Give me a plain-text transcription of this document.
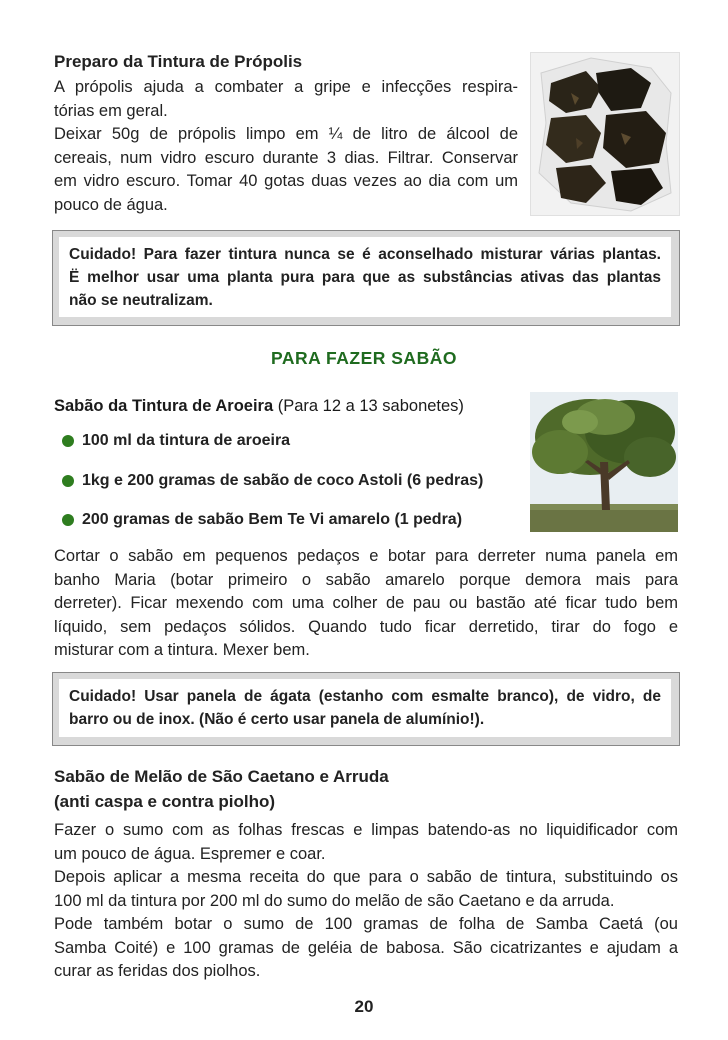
Preparo da Tintura de Própolis
A própolis ajuda a combater a gripe e infecções respira-
tórias em geral.
Deixar 50g de própolis limpo em ¼ de litro de álcool de
cereais, num vidro escuro durante 3 dias. Filtrar. Conservar
em vidro escuro. Tomar 40 gotas duas vezes ao dia com um
pouco de água.
Cuidado! Para fazer tintura nunca se é aconselhado misturar várias plantas.
Ë melhor usar uma planta pura para que as substâncias ativas das plantas
não se neutralizam.
PARA FAZER SABÃO
Sabão da Tintura de Aroeira (Para 12 a 13 sabonetes)
100 ml da tintura de aroeira
1kg e 200 gramas de sabão de coco Astoli (6 pedras)
200 gramas de sabão Bem Te Vi amarelo (1 pedra)
Cortar o sabão em pequenos pedaços e botar para derreter numa panela em
banho Maria (botar primeiro o sabão amarelo porque demora mais para
derreter). Ficar mexendo com uma colher de pau ou bastão até ficar tudo bem
líquido, sem pedaços sólidos. Quando tudo ficar derretido, tirar do fogo e
misturar com a tintura. Mexer bem.
Cuidado! Usar panela de ágata (estanho com esmalte branco), de vidro, de
barro ou de inox. (Não é certo usar panela de alumínio!).
Sabão de Melão de São Caetano e Arruda
(anti caspa e contra piolho)
Fazer o sumo com as folhas frescas e limpas batendo-as no liquidificador com
um pouco de água. Espremer e coar.
Depois aplicar a mesma receita do que para o sabão de tintura, substituindo os
100 ml da tintura por 200 ml do sumo do melão de são Caetano e da arruda.
Pode também botar o sumo de 100 gramas de folha de Samba Caetá (ou
Samba Coité) e 100 gramas de geléia de babosa. São cicatrizantes e ajudam a
curar as feridas dos piolhos.
20
